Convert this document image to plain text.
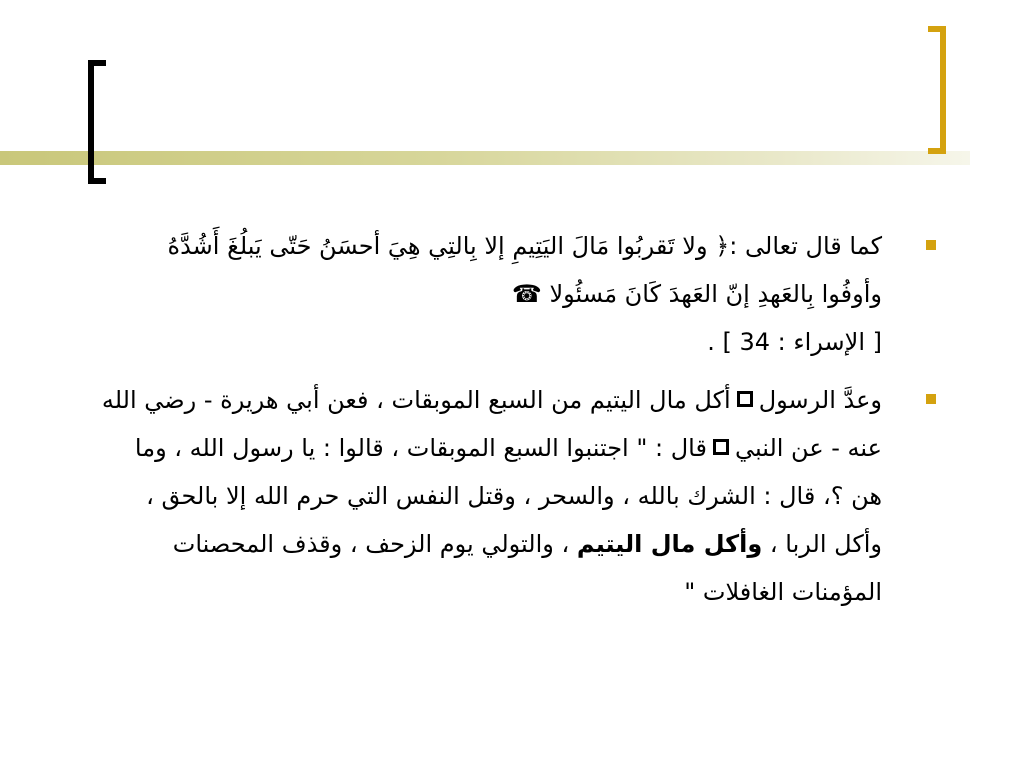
كما قال تعالى :﴿ ولا تَقربُوا مَالَ اليَتِيمِ إلا بِالتِي هِيَ أحسَنُ حَتّى يَبلُغَ أَشُدَّهُ وأوفُوا بِالعَهدِ إنّ العَهدَ كَانَ مَسئُولا ☎
[ الإسراء : 34 ] .

وعدَّ الرسولأكل مال اليتيم من السبع الموبقات ، فعن أبي هريرة - رضي الله عنه - عن النبيقال : " اجتنبوا السبع الموبقات ، قالوا : يا رسول الله ، وما هن ؟، قال : الشرك بالله ، والسحر ، وقتل النفس التي حرم الله إلا بالحق ، وأكل الربا ، وأكل مال اليتيم ، والتولي يوم الزحف ، وقذف المحصنات المؤمنات الغافلات "
